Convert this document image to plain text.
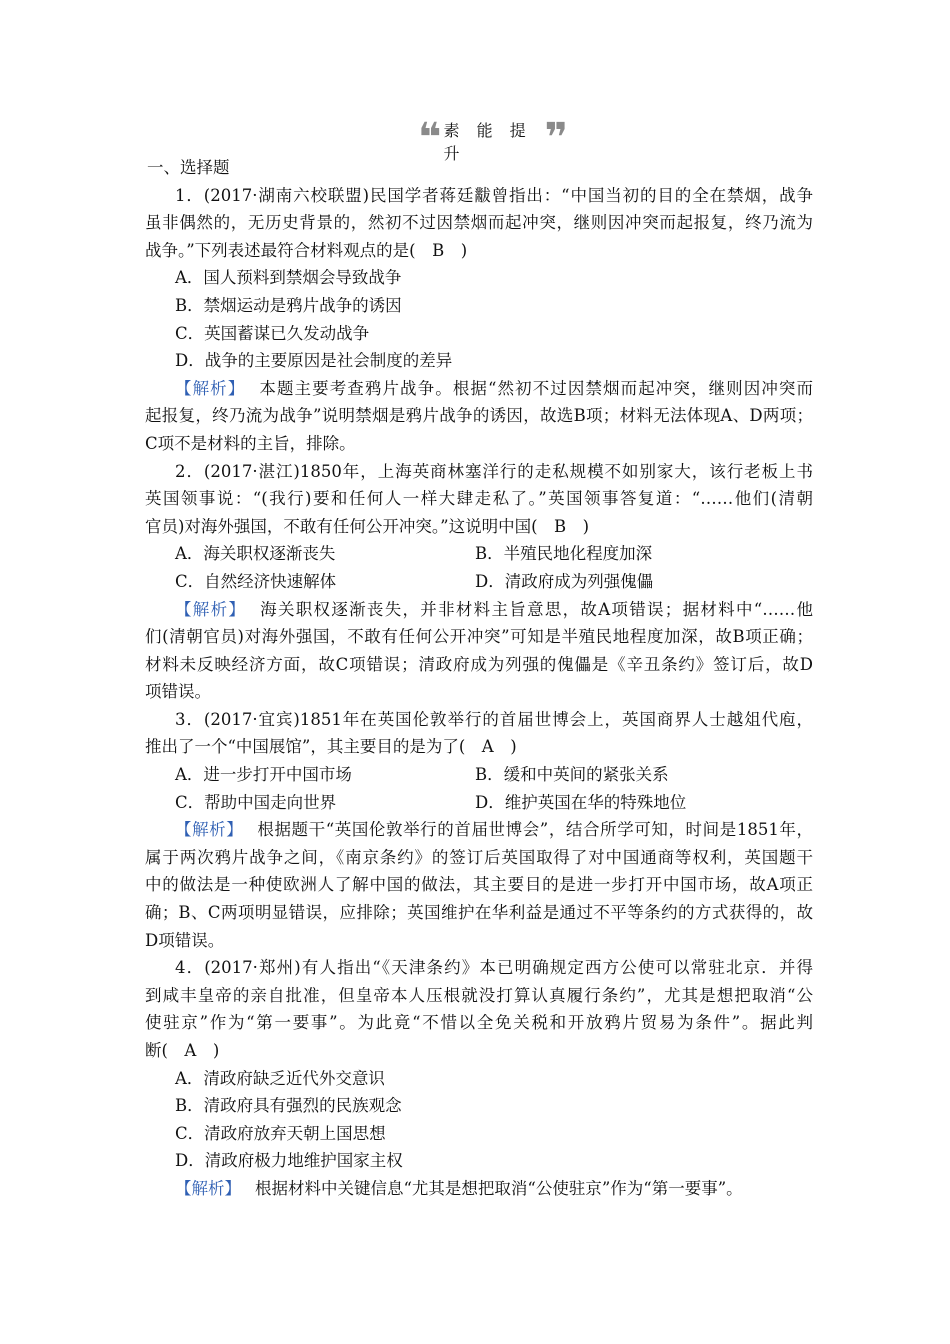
❝ 素 能 提 升	❞
一、选择题
1．(2017·湖南六校联盟)民国学者蒋廷黻曾指出：“中国当初的目的全在禁烟，战争
虽非偶然的，无历史背景的，然初不过因禁烟而起冲突，继则因冲突而起报复，终乃流为
战争。”下列表述最符合材料观点的是(　B　)
A．国人预料到禁烟会导致战争
B．禁烟运动是鸦片战争的诱因
C．英国蓄谋已久发动战争
D．战争的主要原因是社会制度的差异
【解析】 本题主要考查鸦片战争。根据“然初不过因禁烟而起冲突，继则因冲突而
起报复，终乃流为战争”说明禁烟是鸦片战争的诱因，故选B项；材料无法体现A、D两项；
C项不是材料的主旨，排除。
2．(2017·湛江)1850年，上海英商林塞洋行的走私规模不如别家大，该行老板上书
英国领事说：“(我行)要和任何人一样大肆走私了。”英国领事答复道：“……他们(清朝
官员)对海外强国，不敢有任何公开冲突。”这说明中国(　B　)
A．海关职权逐渐丧失	B．半殖民地化程度加深
C．自然经济快速解体	D．清政府成为列强傀儡
【解析】 海关职权逐渐丧失，并非材料主旨意思，故A项错误；据材料中“……他
们(清朝官员)对海外强国，不敢有任何公开冲突”可知是半殖民地程度加深，故B项正确；
材料未反映经济方面，故C项错误；清政府成为列强的傀儡是《辛丑条约》签订后，故D
项错误。
3．(2017·宜宾)1851年在英国伦敦举行的首届世博会上，英国商界人士越俎代庖，
推出了一个“中国展馆”，其主要目的是为了(　A　)
A．进一步打开中国市场	B．缓和中英间的紧张关系
C．帮助中国走向世界	D．维护英国在华的特殊地位
【解析】 根据题干“英国伦敦举行的首届世博会”，结合所学可知，时间是1851年，
属于两次鸦片战争之间，《南京条约》的签订后英国取得了对中国通商等权利，英国题干
中的做法是一种使欧洲人了解中国的做法，其主要目的是进一步打开中国市场，故A项正
确；B、C两项明显错误，应排除；英国维护在华利益是通过不平等条约的方式获得的，故
D项错误。
4．(2017·郑州)有人指出“《天津条约》本已明确规定西方公使可以常驻北京．并得
到咸丰皇帝的亲自批准，但皇帝本人压根就没打算认真履行条约”，尤其是想把取消“公
使驻京”作为“第一要事”。为此竟“不惜以全免关税和开放鸦片贸易为条件”。据此判
断(　A　)
A．清政府缺乏近代外交意识
B．清政府具有强烈的民族观念
C．清政府放弃天朝上国思想
D．清政府极力地维护国家主权
【解析】 根据材料中关键信息“尤其是想把取消“公使驻京”作为“第一要事”。
